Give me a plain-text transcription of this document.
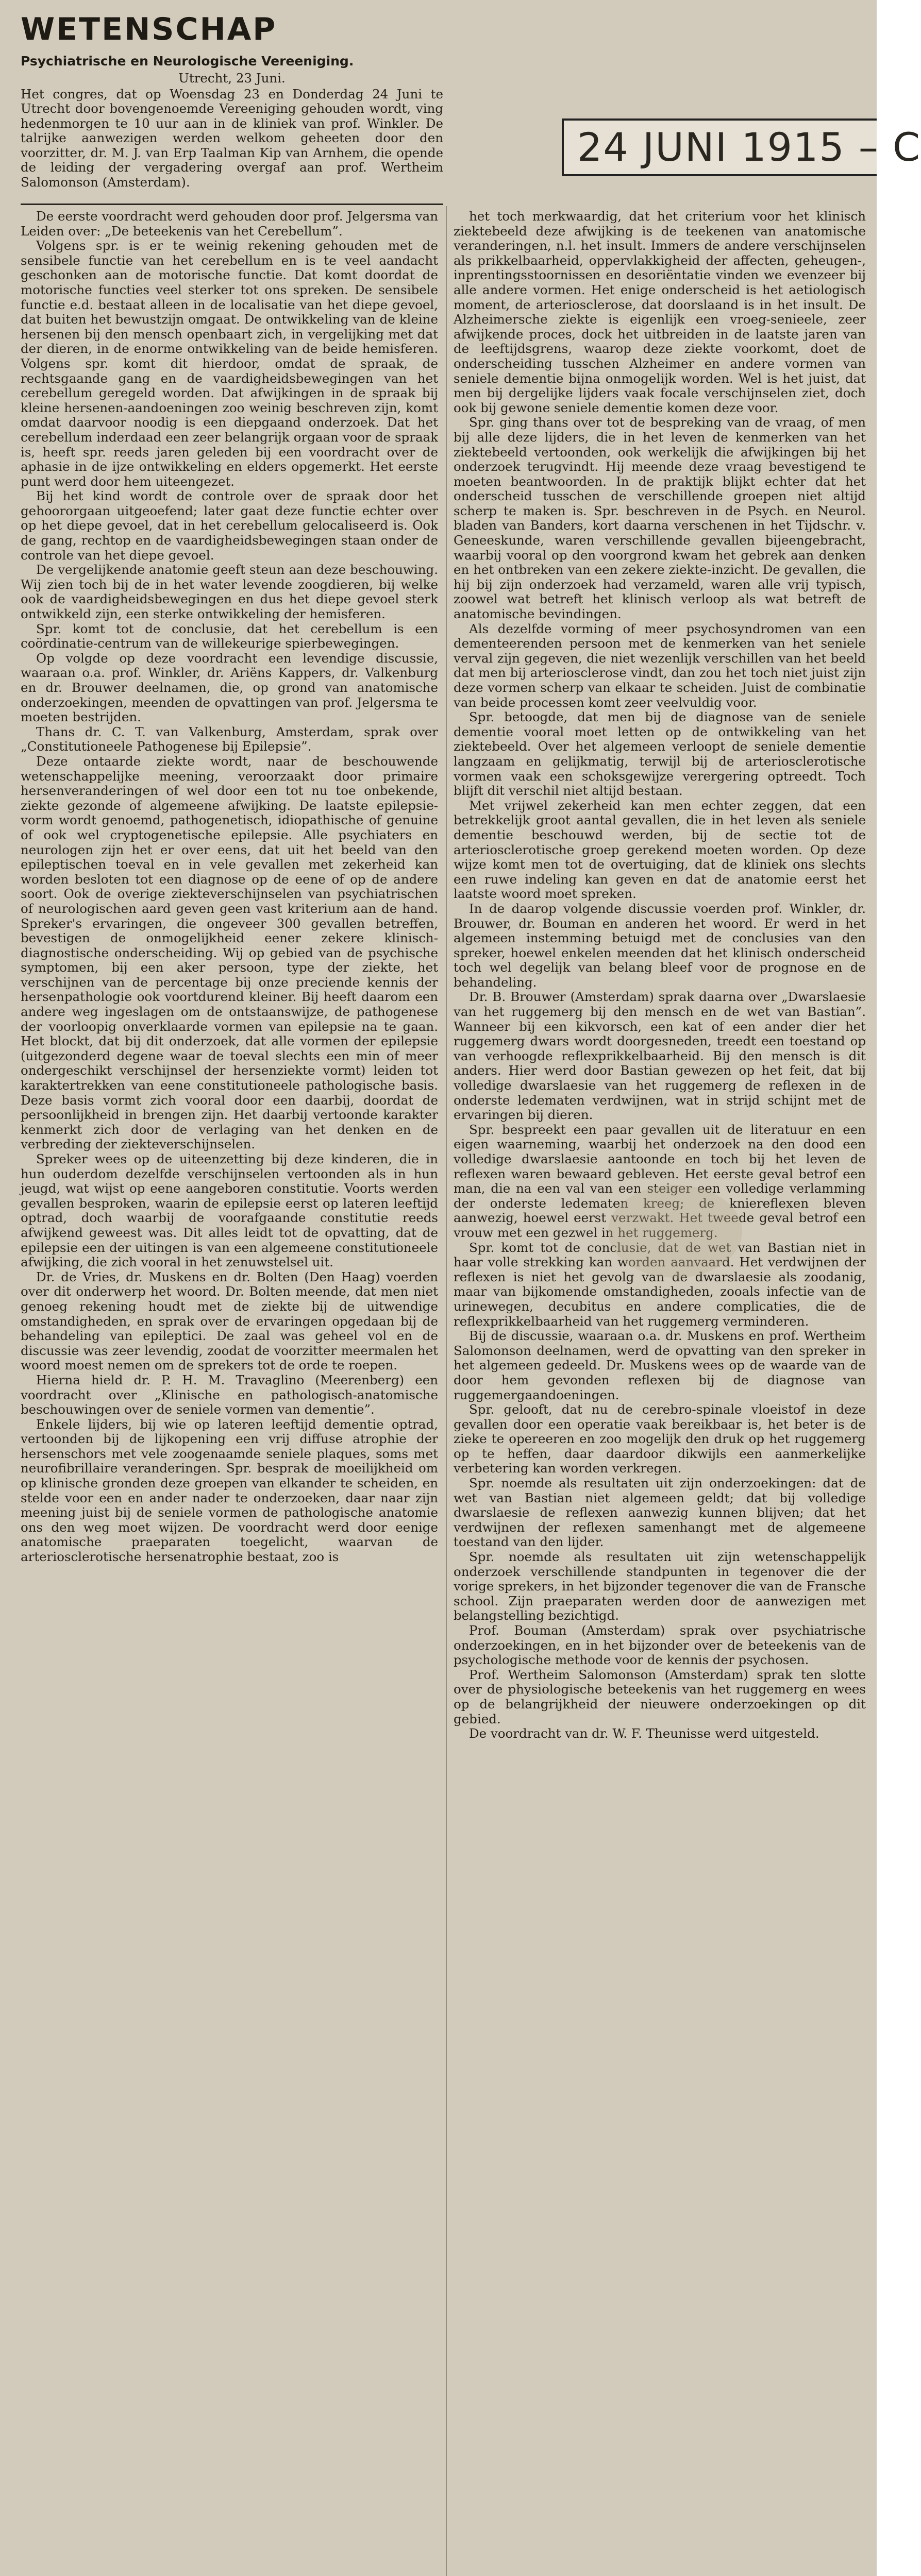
WETENSCHAP
Psychiatrische en Neurologische Vereeniging.
Utrecht, 23 Juni.
Het congres, dat op Woensdag 23 en Donderdag 24 Juni te Utrecht door bovengenoemde Vereeniging gehouden wordt, ving hedenmorgen te 10 uur aan in de kliniek van prof. Winkler. De talrijke aanwezigen werden welkom geheeten door den voorzitter, dr. M. J. van Erp Taalman Kip van Arnhem, die opende de leiding der vergadering overgaf aan prof. Wertheim Salomonson (Amsterdam).
24 JUNI 1915 – C

De eerste voordracht werd gehouden door prof. Jelgersma van Leiden over: „De beteekenis van het Cerebellum”.

Volgens spr. is er te weinig rekening gehouden met de sensibele functie van het cerebellum en is te veel aandacht geschonken aan de motorische functie. Dat komt doordat de motorische functies veel sterker tot ons spreken. De sensibele functie e.d. bestaat alleen in de localisatie van het diepe gevoel, dat buiten het bewustzijn omgaat. De ontwikkeling van de kleine hersenen bij den mensch openbaart zich, in vergelijking met dat der dieren, in de enorme ontwikkeling van de beide hemisferen. Volgens spr. komt dit hierdoor, omdat de spraak, de rechtsgaande gang en de vaardigheidsbewegingen van het cerebellum geregeld worden. Dat afwijkingen in de spraak bij kleine hersenen-aandoeningen zoo weinig beschreven zijn, komt omdat daarvoor noodig is een diepgaand onderzoek. Dat het cerebellum inderdaad een zeer belangrijk orgaan voor de spraak is, heeft spr. reeds jaren geleden bij een voordracht over de aphasie in de ijze ontwikkeling en elders opgemerkt. Het eerste punt werd door hem uiteengezet.

Bij het kind wordt de controle over de spraak door het gehoororgaan uitgeoefend; later gaat deze functie echter over op het diepe gevoel, dat in het cerebellum gelocaliseerd is. Ook de gang, rechtop en de vaardigheidsbewegingen staan onder de controle van het diepe gevoel.

De vergelijkende anatomie geeft steun aan deze beschouwing. Wij zien toch bij de in het water levende zoogdieren, bij welke ook de vaardigheidsbewegingen en dus het diepe gevoel sterk ontwikkeld zijn, een sterke ontwikkeling der hemisferen.

Spr. komt tot de conclusie, dat het cerebellum is een coördinatie-centrum van de willekeurige spierbewegingen.

Op volgde op deze voordracht een levendige discussie, waaraan o.a. prof. Winkler, dr. Ariëns Kappers, dr. Valkenburg en dr. Brouwer deelnamen, die, op grond van anatomische onderzoekingen, meenden de opvattingen van prof. Jelgersma te moeten bestrijden.

Thans dr. C. T. van Valkenburg, Amsterdam, sprak over „Constitutioneele Pathogenese bij Epilepsie”.

Deze ontaarde ziekte wordt, naar de beschouwende wetenschappelijke meening, veroorzaakt door primaire hersenveranderingen of wel door een tot nu toe onbekende, ziekte gezonde of algemeene afwijking. De laatste epilepsie-vorm wordt genoemd, pathogenetisch, idiopathische of genuine of ook wel cryptogenetische epilepsie. Alle psychiaters en neurologen zijn het er over eens, dat uit het beeld van den epileptischen toeval en in vele gevallen met zekerheid kan worden besloten tot een diagnose op de eene of op de andere soort. Ook de overige ziekteverschijnselen van psychiatrischen of neurologischen aard geven geen vast kriterium aan de hand. Spreker's ervaringen, die ongeveer 300 gevallen betreffen, bevestigen de onmogelijkheid eener zekere klinisch-diagnostische onderscheiding. Wij op gebied van de psychische symptomen, bij een aker persoon, type der ziekte, het verschijnen van de percentage bij onze preciende kennis der hersenpathologie ook voortdurend kleiner. Bij heeft daarom een andere weg ingeslagen om de ontstaanswijze, de pathogenese der voorloopig onverklaarde vormen van epilepsie na te gaan. Het blockt, dat bij dit onderzoek, dat alle vormen der epilepsie (uitgezonderd degene waar de toeval slechts een min of meer ondergeschikt verschijnsel der hersenziekte vormt) leiden tot karaktertrekken van eene constitutioneele pathologische basis. Deze basis vormt zich vooral door een daarbij, doordat de persoonlijkheid in brengen zijn. Het daarbij vertoonde karakter kenmerkt zich door de verlaging van het denken en de verbreding der ziekteverschijnselen.

Spreker wees op de uiteenzetting bij deze kinderen, die in hun ouderdom dezelfde verschijnselen vertoonden als in hun jeugd, wat wijst op eene aangeboren constitutie. Voorts werden gevallen besproken, waarin de epilepsie eerst op lateren leeftijd optrad, doch waarbij de voorafgaande constitutie reeds afwijkend geweest was. Dit alles leidt tot de opvatting, dat de epilepsie een der uitingen is van een algemeene constitutioneele afwijking, die zich vooral in het zenuwstelsel uit.

Dr. de Vries, dr. Muskens en dr. Bolten (Den Haag) voerden over dit onderwerp het woord. Dr. Bolten meende, dat men niet genoeg rekening houdt met de ziekte bij de uitwendige omstandigheden, en sprak over de ervaringen opgedaan bij de behandeling van epileptici. De zaal was geheel vol en de discussie was zeer levendig, zoodat de voorzitter meermalen het woord moest nemen om de sprekers tot de orde te roepen.

Hierna hield dr. P. H. M. Travaglino (Meerenberg) een voordracht over „Klinische en pathologisch-anatomische beschouwingen over de seniele vormen van dementie”.

Enkele lijders, bij wie op lateren leeftijd dementie optrad, vertoonden bij de lijkopening een vrij diffuse atrophie der hersenschors met vele zoogenaamde seniele plaques, soms met neurofibrillaire veranderingen. Spr. besprak de moeilijkheid om op klinische gronden deze groepen van elkander te scheiden, en stelde voor een en ander nader te onderzoeken, daar naar zijn meening juist bij de seniele vormen de pathologische anatomie ons den weg moet wijzen. De voordracht werd door eenige anatomische praeparaten toegelicht, waarvan de arteriosclerotische hersenatrophie bestaat, zoo is

het toch merkwaardig, dat het criterium voor het klinisch ziektebeeld deze afwijking is de teekenen van anatomische veranderingen, n.l. het insult. Immers de andere verschijnselen als prikkelbaarheid, oppervlakkigheid der affecten, geheugen-, inprentingsstoornissen en desoriëntatie vinden we evenzeer bij alle andere vormen. Het enige onderscheid is het aetiologisch moment, de arteriosclerose, dat doorslaand is in het insult. De Alzheimersche ziekte is eigenlijk een vroeg-senieele, zeer afwijkende proces, dock het uitbreiden in de laatste jaren van de leeftijdsgrens, waarop deze ziekte voorkomt, doet de onderscheiding tusschen Alzheimer en andere vormen van seniele dementie bijna onmogelijk worden. Wel is het juist, dat men bij dergelijke lijders vaak focale verschijnselen ziet, doch ook bij gewone seniele dementie komen deze voor.

Spr. ging thans over tot de bespreking van de vraag, of men bij alle deze lijders, die in het leven de kenmerken van het ziektebeeld vertoonden, ook werkelijk die afwijkingen bij het onderzoek terugvindt. Hij meende deze vraag bevestigend te moeten beantwoorden. In de praktijk blijkt echter dat het onderscheid tusschen de verschillende groepen niet altijd scherp te maken is. Spr. beschreven in de Psych. en Neurol. bladen van Banders, kort daarna verschenen in het Tijdschr. v. Geneeskunde, waren verschillende gevallen bijeengebracht, waarbij vooral op den voorgrond kwam het gebrek aan denken en het ontbreken van een zekere ziekte-inzicht. De gevallen, die hij bij zijn onderzoek had verzameld, waren alle vrij typisch, zoowel wat betreft het klinisch verloop als wat betreft de anatomische bevindingen.

Als dezelfde vorming of meer psychosyndromen van een dementeerenden persoon met de kenmerken van het seniele verval zijn gegeven, die niet wezenlijk verschillen van het beeld dat men bij arteriosclerose vindt, dan zou het toch niet juist zijn deze vormen scherp van elkaar te scheiden. Juist de combinatie van beide processen komt zeer veelvuldig voor.

Spr. betoogde, dat men bij de diagnose van de seniele dementie vooral moet letten op de ontwikkeling van het ziektebeeld. Over het algemeen verloopt de seniele dementie langzaam en gelijkmatig, terwijl bij de arteriosclerotische vormen vaak een schoksgewijze verergering optreedt. Toch blijft dit verschil niet altijd bestaan.

Met vrijwel zekerheid kan men echter zeggen, dat een betrekkelijk groot aantal gevallen, die in het leven als seniele dementie beschouwd werden, bij de sectie tot de arteriosclerotische groep gerekend moeten worden. Op deze wijze komt men tot de overtuiging, dat de kliniek ons slechts een ruwe indeling kan geven en dat de anatomie eerst het laatste woord moet spreken.

In de daarop volgende discussie voerden prof. Winkler, dr. Brouwer, dr. Bouman en anderen het woord. Er werd in het algemeen instemming betuigd met de conclusies van den spreker, hoewel enkelen meenden dat het klinisch onderscheid toch wel degelijk van belang bleef voor de prognose en de behandeling.

Dr. B. Brouwer (Amsterdam) sprak daarna over „Dwarslaesie van het ruggemerg bij den mensch en de wet van Bastian”. Wanneer bij een kikvorsch, een kat of een ander dier het ruggemerg dwars wordt doorgesneden, treedt een toestand op van verhoogde reflexprikkelbaarheid. Bij den mensch is dit anders. Hier werd door Bastian gewezen op het feit, dat bij volledige dwarslaesie van het ruggemerg de reflexen in de onderste ledematen verdwijnen, wat in strijd schijnt met de ervaringen bij dieren.

Spr. bespreekt een paar gevallen uit de literatuur en een eigen waarneming, waarbij het onderzoek na den dood een volledige dwarslaesie aantoonde en toch bij het leven de reflexen waren bewaard gebleven. Het eerste geval betrof een man, die na een val van een steiger een volledige verlamming der onderste ledematen kreeg; de kniereflexen bleven aanwezig, hoewel eerst verzwakt. Het tweede geval betrof een vrouw met een gezwel in het ruggemerg.

Spr. komt tot de conclusie, dat de wet van Bastian niet in haar volle strekking kan worden aanvaard. Het verdwijnen der reflexen is niet het gevolg van de dwarslaesie als zoodanig, maar van bijkomende omstandigheden, zooals infectie van de urinewegen, decubitus en andere complicaties, die de reflexprikkelbaarheid van het ruggemerg verminderen.

Bij de discussie, waaraan o.a. dr. Muskens en prof. Wertheim Salomonson deelnamen, werd de opvatting van den spreker in het algemeen gedeeld. Dr. Muskens wees op de waarde van de door hem gevonden reflexen bij de diagnose van ruggemergaandoeningen.

Spr. gelooft, dat nu de cerebro-spinale vloeistof in deze gevallen door een operatie vaak bereikbaar is, het beter is de zieke te opereeren en zoo mogelijk den druk op het ruggemerg op te heffen, daar daardoor dikwijls een aanmerkelijke verbetering kan worden verkregen.

Spr. noemde als resultaten uit zijn onderzoekingen: dat de wet van Bastian niet algemeen geldt; dat bij volledige dwarslaesie de reflexen aanwezig kunnen blijven; dat het verdwijnen der reflexen samenhangt met de algemeene toestand van den lijder.

Spr. noemde als resultaten uit zijn wetenschappelijk onderzoek verschillende standpunten in tegenover die der vorige sprekers, in het bijzonder tegenover die van de Fransche school. Zijn praeparaten werden door de aanwezigen met belangstelling bezichtigd.

Prof. Bouman (Amsterdam) sprak over psychiatrische onderzoekingen, en in het bijzonder over de beteekenis van de psychologische methode voor de kennis der psychosen.

Prof. Wertheim Salomonson (Amsterdam) sprak ten slotte over de physiologische beteekenis van het ruggemerg en wees op de belangrijkheid der nieuwere onderzoekingen op dit gebied.

De voordracht van dr. W. F. Theunisse werd uitgesteld.
